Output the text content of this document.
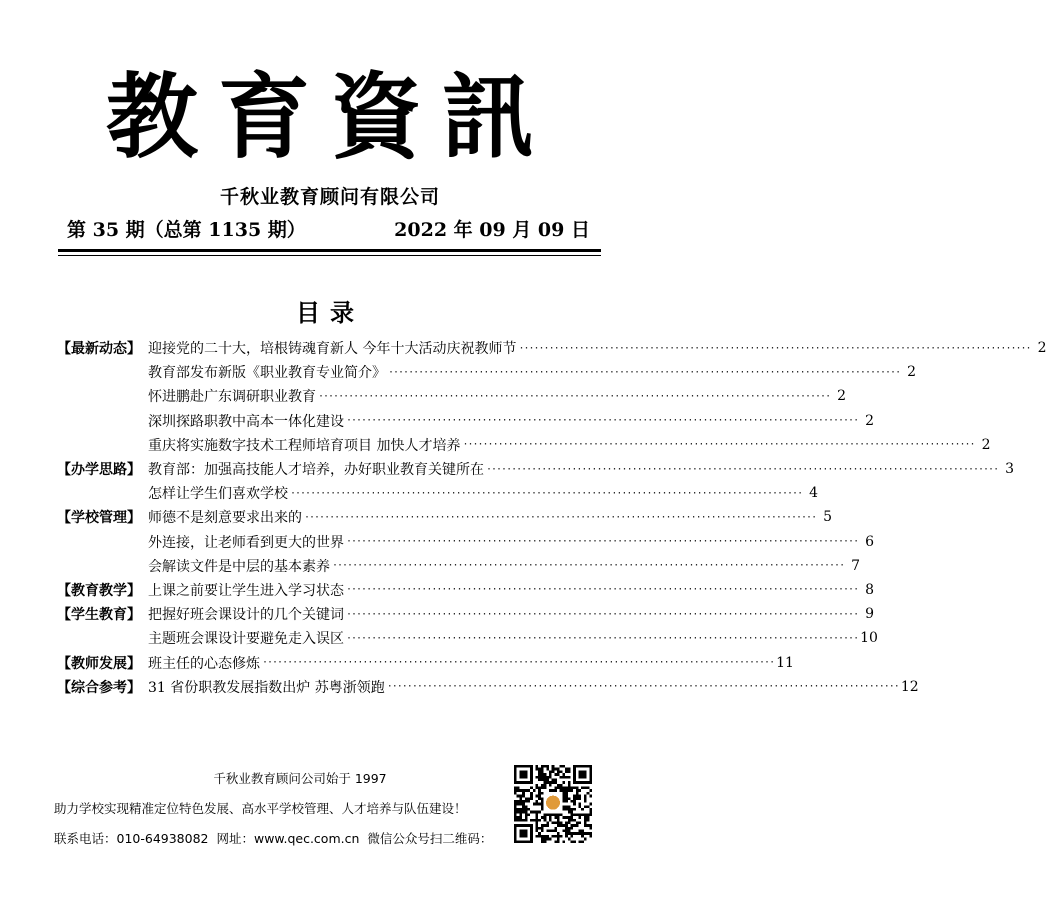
教育資訊
千秋业教育顾问有限公司
第 35 期（总第 1135 期）	2022 年 09 月 09 日
目录
【最新动态】 迎接党的二十大，培根铸魂育新人 今年十大活动庆祝教师节 ·····	2
教育部发布新版《职业教育专业简介》 ·····	2
怀进鹏赴广东调研职业教育 ·····	2
深圳探路职教中高本一体化建设 ·····	2
重庆将实施数字技术工程师培育项目 加快人才培养 ·····	2
【办学思路】 教育部：加强高技能人才培养，办好职业教育关键所在 ·····	3
怎样让学生们喜欢学校 ·····	4
【学校管理】 师德不是刻意要求出来的 ·····	5
外连接，让老师看到更大的世界 ·····	6
会解读文件是中层的基本素养 ·····	7
【教育教学】 上课之前要让学生进入学习状态 ·····	8
【学生教育】 把握好班会课设计的几个关键词 ·····	9
主题班会课设计要避免走入误区 ·····	10
【教师发展】 班主任的心态修炼 ·····	11
【综合参考】 31 省份职教发展指数出炉 苏粤浙领跑 ·····	12
千秋业教育顾问公司始于 1997
助力学校实现精准定位特色发展、高水平学校管理、人才培养与队伍建设！
联系电话：010-64938082 网址：www.qec.com.cn 微信公众号扫二维码：
